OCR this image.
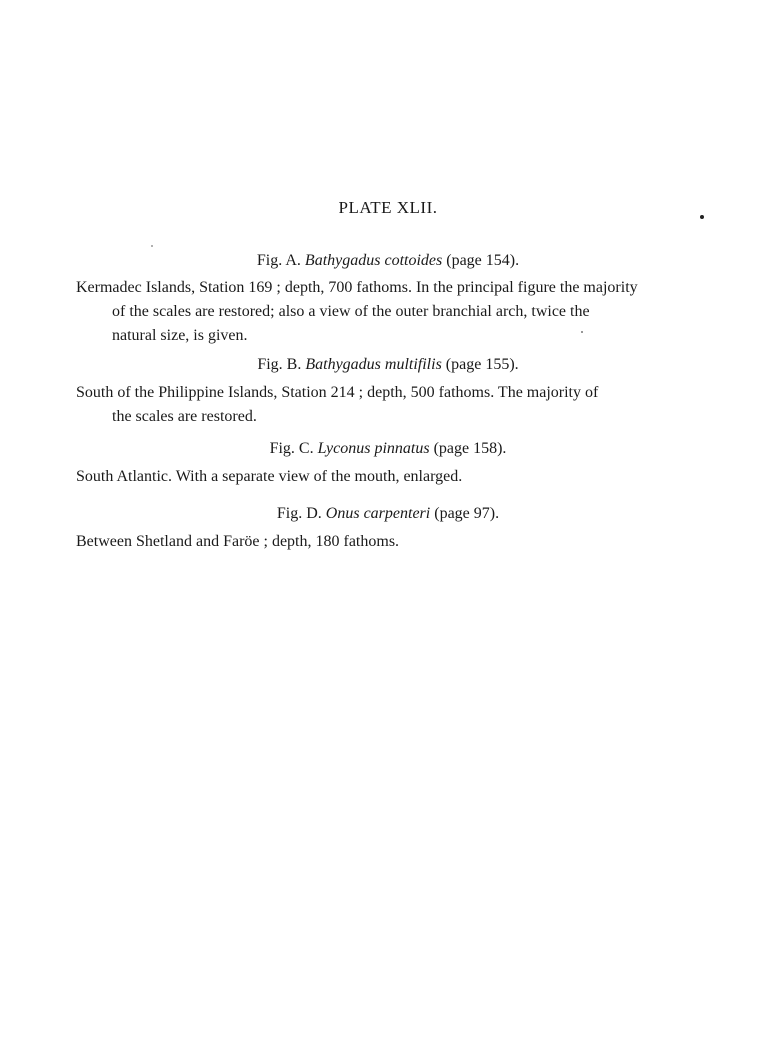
PLATE XLII.
Fig. A. Bathygadus cottoides (page 154).
Kermadec Islands, Station 169 ; depth, 700 fathoms. In the principal figure the majority
of the scales are restored; also a view of the outer branchial arch, twice the
natural size, is given.
Fig. B. Bathygadus multifilis (page 155).
South of the Philippine Islands, Station 214 ; depth, 500 fathoms. The majority of
the scales are restored.
Fig. C. Lyconus pinnatus (page 158).
South Atlantic. With a separate view of the mouth, enlarged.
Fig. D. Onus carpenteri (page 97).
Between Shetland and Faröe ; depth, 180 fathoms.
